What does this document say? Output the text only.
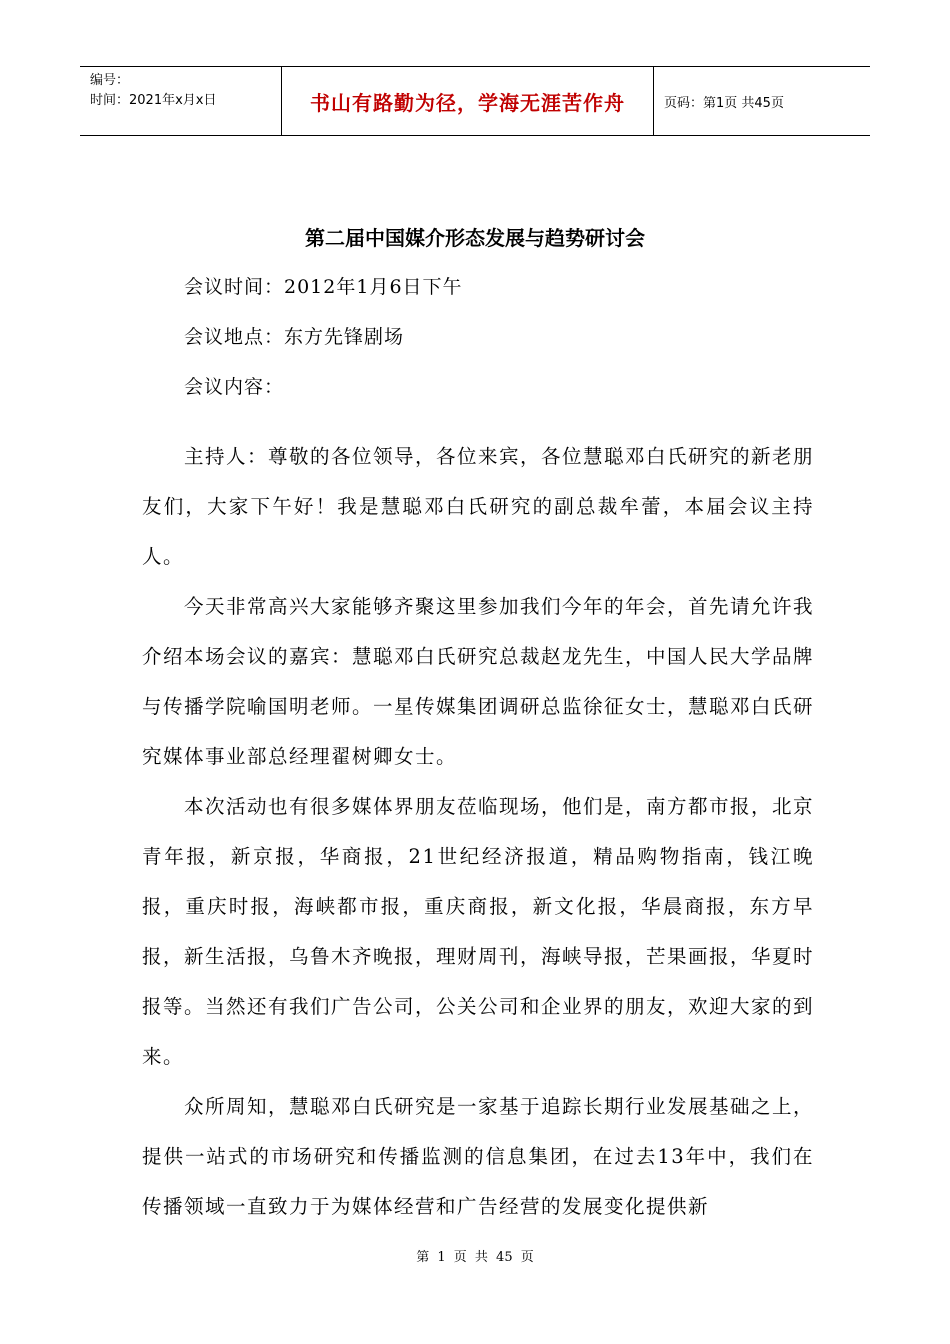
编号：
时间：2021年x月x日	书山有路勤为径，学海无涯苦作舟	页码：第1页 共45页
第二届中国媒介形态发展与趋势研讨会
会议时间：2012年1月6日下午
会议地点：东方先锋剧场
会议内容：

主持人：尊敬的各位领导，各位来宾，各位慧聪邓白氏研究的新老朋友们，大家下午好！我是慧聪邓白氏研究的副总裁牟蕾，本届会议主持人。

今天非常高兴大家能够齐聚这里参加我们今年的年会，首先请允许我介绍本场会议的嘉宾：慧聪邓白氏研究总裁赵龙先生，中国人民大学品牌与传播学院喻国明老师。一星传媒集团调研总监徐征女士，慧聪邓白氏研究媒体事业部总经理翟树卿女士。

本次活动也有很多媒体界朋友莅临现场，他们是，南方都市报，北京青年报，新京报，华商报，21世纪经济报道，精品购物指南，钱江晚报，重庆时报，海峡都市报，重庆商报，新文化报，华晨商报，东方早报，新生活报，乌鲁木齐晚报，理财周刊，海峡导报，芒果画报，华夏时报等。当然还有我们广告公司，公关公司和企业界的朋友，欢迎大家的到来。

众所周知，慧聪邓白氏研究是一家基于追踪长期行业发展基础之上，提供一站式的市场研究和传播监测的信息集团，在过去13年中，我们在传播领域一直致力于为媒体经营和广告经营的发展变化提供新

第 1 页 共 45 页
